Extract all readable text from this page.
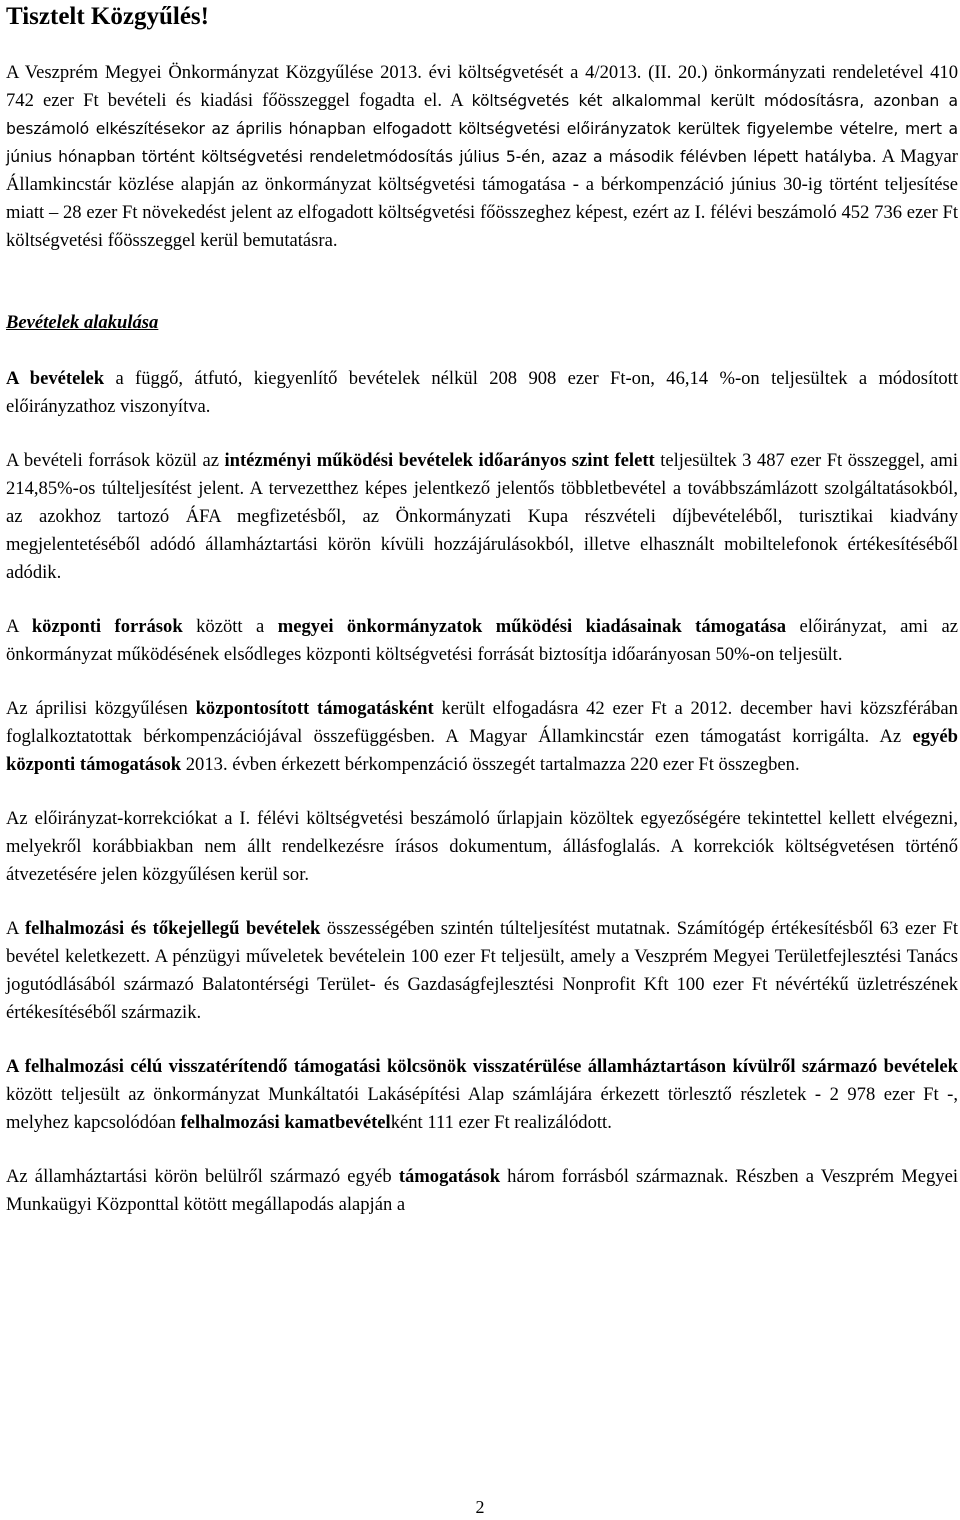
Tisztelt Közgyűlés!

A Veszprém Megyei Önkormányzat Közgyűlése 2013. évi költségvetését a 4/2013. (II. 20.) önkormányzati rendeletével 410 742 ezer Ft bevételi és kiadási főösszeggel fogadta el. A költségvetés két alkalommal került módosításra, azonban a beszámoló elkészítésekor az április hónapban elfogadott költségvetési előirányzatok kerültek figyelembe vételre, mert a június hónapban történt költségvetési rendeletmódosítás július 5-én, azaz a második félévben lépett hatályba. A Magyar Államkincstár közlése alapján az önkormányzat költségvetési támogatása - a bérkompenzáció június 30-ig történt teljesítése miatt – 28 ezer Ft növekedést jelent az elfogadott költségvetési főösszeghez képest, ezért az I. félévi beszámoló 452 736 ezer Ft költségvetési főösszeggel kerül bemutatásra.

Bevételek alakulása

A bevételek a függő, átfutó, kiegyenlítő bevételek nélkül 208 908 ezer Ft-on, 46,14 %-on teljesültek a módosított előirányzathoz viszonyítva.

A bevételi források közül az intézményi működési bevételek időarányos szint felett teljesültek 3 487 ezer Ft összeggel, ami 214,85%-os túlteljesítést jelent. A tervezetthez képes jelentkező jelentős többletbevétel a továbbszámlázott szolgáltatásokból, az azokhoz tartozó ÁFA megfizetésből, az Önkormányzati Kupa részvételi díjbevételéből, turisztikai kiadvány megjelentetéséből adódó államháztartási körön kívüli hozzájárulásokból, illetve elhasznált mobiltelefonok értékesítéséből adódik.

A központi források között a megyei önkormányzatok működési kiadásainak támogatása előirányzat, ami az önkormányzat működésének elsődleges központi költségvetési forrását biztosítja időarányosan 50%-on teljesült.

Az áprilisi közgyűlésen központosított támogatásként került elfogadásra 42 ezer Ft a 2012. december havi közszférában foglalkoztatottak bérkompenzációjával összefüggésben. A Magyar Államkincstár ezen támogatást korrigálta. Az egyéb központi támogatások 2013. évben érkezett bérkompenzáció összegét tartalmazza 220 ezer Ft összegben.

Az előirányzat-korrekciókat a I. félévi költségvetési beszámoló űrlapjain közöltek egyezőségére tekintettel kellett elvégezni, melyekről korábbiakban nem állt rendelkezésre írásos dokumentum, állásfoglalás. A korrekciók költségvetésen történő átvezetésére jelen közgyűlésen kerül sor.

A felhalmozási és tőkejellegű bevételek összességében szintén túlteljesítést mutatnak. Számítógép értékesítésből 63 ezer Ft bevétel keletkezett. A pénzügyi műveletek bevételein 100 ezer Ft teljesült, amely a Veszprém Megyei Területfejlesztési Tanács jogutódlásából származó Balatontérségi Terület- és Gazdaságfejlesztési Nonprofit Kft 100 ezer Ft névértékű üzletrészének értékesítéséből származik.

A felhalmozási célú visszatérítendő támogatási kölcsönök visszatérülése államháztartáson kívülről származó bevételek között teljesült az önkormányzat Munkáltatói Lakásépítési Alap számlájára érkezett törlesztő részletek - 2 978 ezer Ft -, melyhez kapcsolódóan felhalmozási kamatbevételként 111 ezer Ft realizálódott.

Az államháztartási körön belülről származó egyéb támogatások három forrásból származnak. Részben a Veszprém Megyei Munkaügyi Központtal kötött megállapodás alapján a

2
